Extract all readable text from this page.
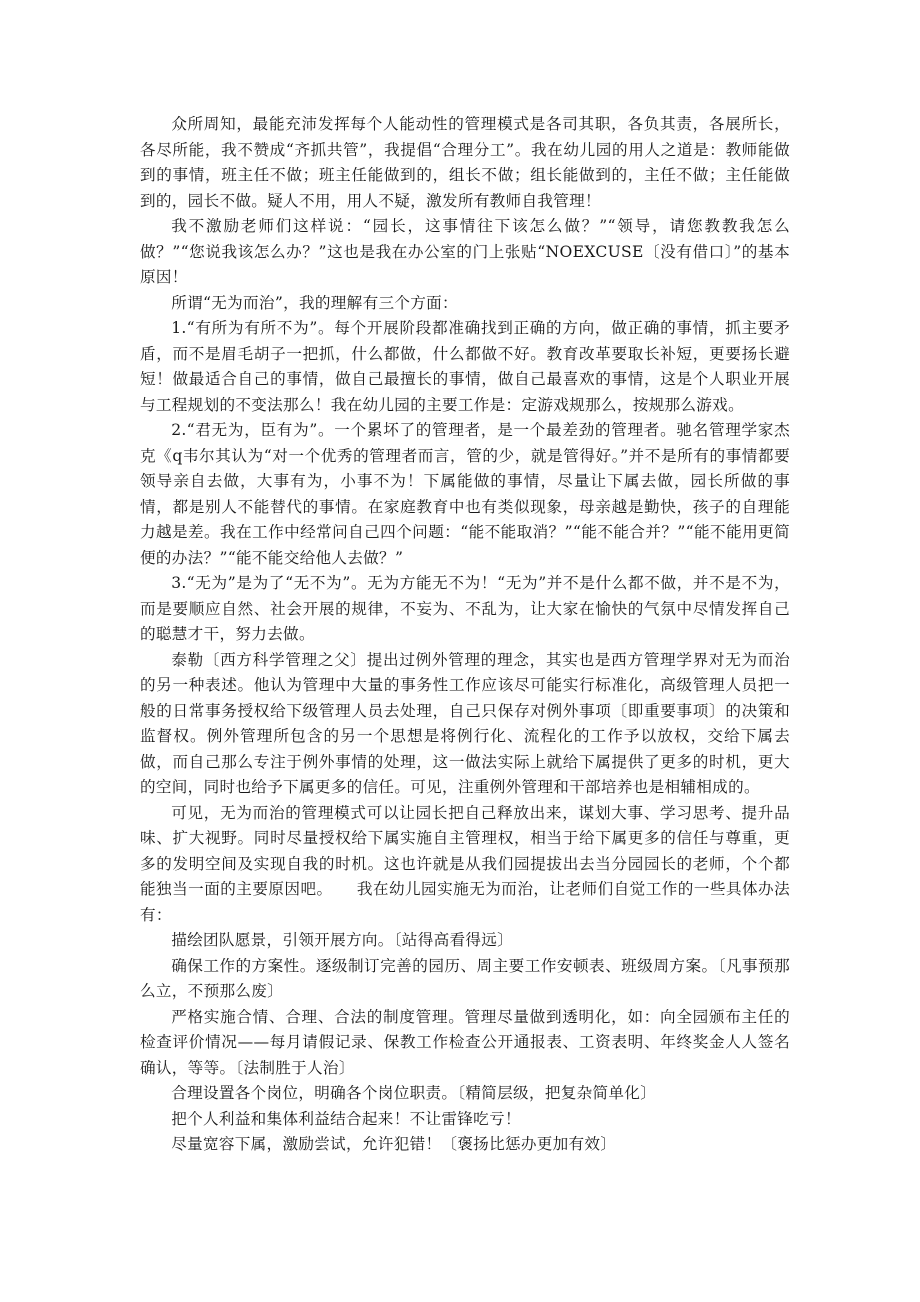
众所周知，最能充沛发挥每个人能动性的管理模式是各司其职，各负其责，各展所长，各尽所能，我不赞成“齐抓共管”，我提倡“合理分工”。我在幼儿园的用人之道是：教师能做到的事情，班主任不做；班主任能做到的，组长不做；组长能做到的，主任不做；主任能做到的，园长不做。疑人不用，用人不疑，激发所有教师自我管理！

我不激励老师们这样说：“园长，这事情往下该怎么做？”“领导，请您教教我怎么做？”“您说我该怎么办？”这也是我在办公室的门上张贴“NOEXCUSE〔没有借口〕”的基本原因！

所谓“无为而治”，我的理解有三个方面：

1.“有所为有所不为”。每个开展阶段都准确找到正确的方向，做正确的事情，抓主要矛盾，而不是眉毛胡子一把抓，什么都做，什么都做不好。教育改革要取长补短，更要扬长避短！做最适合自己的事情，做自己最擅长的事情，做自己最喜欢的事情，这是个人职业开展与工程规划的不变法那么！我在幼儿园的主要工作是：定游戏规那么，按规那么游戏。

2.“君无为，臣有为”。一个累坏了的管理者，是一个最差劲的管理者。驰名管理学家杰克《q韦尔其认为“对一个优秀的管理者而言，管的少，就是管得好。”并不是所有的事情都要领导亲自去做，大事有为，小事不为！下属能做的事情，尽量让下属去做，园长所做的事情，都是别人不能替代的事情。在家庭教育中也有类似现象，母亲越是勤快，孩子的自理能力越是差。我在工作中经常问自己四个问题：“能不能取消？”“能不能合并？”“能不能用更简便的办法？”“能不能交给他人去做？”

3.“无为”是为了“无不为”。无为方能无不为！“无为”并不是什么都不做，并不是不为，而是要顺应自然、社会开展的规律，不妄为、不乱为，让大家在愉快的气氛中尽情发挥自己的聪慧才干，努力去做。

泰勒〔西方科学管理之父〕提出过例外管理的理念，其实也是西方管理学界对无为而治的另一种表述。他认为管理中大量的事务性工作应该尽可能实行标准化，高级管理人员把一般的日常事务授权给下级管理人员去处理，自己只保存对例外事项〔即重要事项〕的决策和监督权。例外管理所包含的另一个思想是将例行化、流程化的工作予以放权，交给下属去做，而自己那么专注于例外事情的处理，这一做法实际上就给下属提供了更多的时机，更大的空间，同时也给予下属更多的信任。可见，注重例外管理和干部培养也是相辅相成的。

可见，无为而治的管理模式可以让园长把自己释放出来，谋划大事、学习思考、提升品味、扩大视野。同时尽量授权给下属实施自主管理权，相当于给下属更多的信任与尊重，更多的发明空间及实现自我的时机。这也许就是从我们园提拔出去当分园园长的老师，个个都能独当一面的主要原因吧。　　我在幼儿园实施无为而治，让老师们自觉工作的一些具体办法有：

描绘团队愿景，引领开展方向。〔站得高看得远〕

确保工作的方案性。逐级制订完善的园历、周主要工作安顿表、班级周方案。〔凡事预那么立，不预那么废〕

严格实施合情、合理、合法的制度管理。管理尽量做到透明化，如：向全园颁布主任的检查评价情况——每月请假记录、保教工作检查公开通报表、工资表明、年终奖金人人签名确认，等等。〔法制胜于人治〕

合理设置各个岗位，明确各个岗位职责。〔精简层级，把复杂简单化〕

把个人利益和集体利益结合起来！不让雷锋吃亏！

尽量宽容下属，激励尝试，允许犯错！〔褒扬比惩办更加有效〕
